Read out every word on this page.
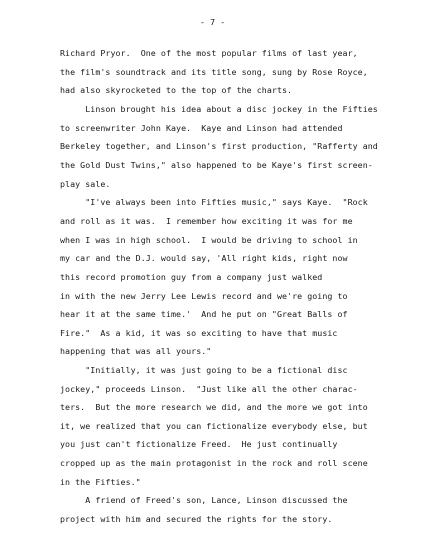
- 7 -
Richard Pryor.  One of the most popular films of last year,
the film's soundtrack and its title song, sung by Rose Royce,
had also skyrocketed to the top of the charts.
Linson brought his idea about a disc jockey in the Fifties
to screenwriter John Kaye.  Kaye and Linson had attended
Berkeley together, and Linson's first production, "Rafferty and
the Gold Dust Twins," also happened to be Kaye's first screen-
play sale.
"I've always been into Fifties music," says Kaye.  "Rock
and roll as it was.  I remember how exciting it was for me
when I was in high school.  I would be driving to school in
my car and the D.J. would say, 'All right kids, right now
this record promotion guy from a company just walked
in with the new Jerry Lee Lewis record and we're going to
hear it at the same time.'  And he put on "Great Balls of
Fire."  As a kid, it was so exciting to have that music
happening that was all yours."
"Initially, it was just going to be a fictional disc
jockey," proceeds Linson.  "Just like all the other charac-
ters.  But the more research we did, and the more we got into
it, we realized that you can fictionalize everybody else, but
you just can't fictionalize Freed.  He just continually
cropped up as the main protagonist in the rock and roll scene
in the Fifties."
A friend of Freed's son, Lance, Linson discussed the
project with him and secured the rights for the story.
